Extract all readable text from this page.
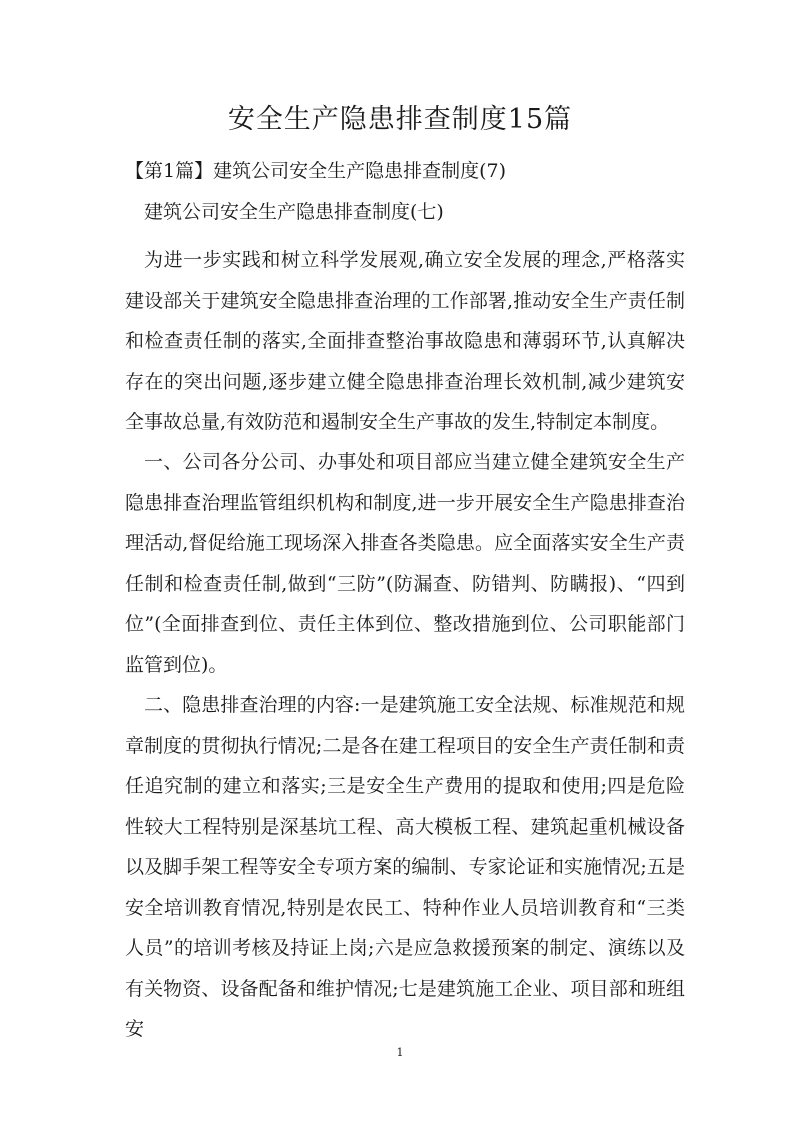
安全生产隐患排查制度15篇

【第1篇】建筑公司安全生产隐患排查制度(7)

建筑公司安全生产隐患排查制度(七)

为进一步实践和树立科学发展观,确立安全发展的理念,严格落实建设部关于建筑安全隐患排查治理的工作部署,推动安全生产责任制和检查责任制的落实,全面排查整治事故隐患和薄弱环节,认真解决存在的突出问题,逐步建立健全隐患排查治理长效机制,减少建筑安全事故总量,有效防范和遏制安全生产事故的发生,特制定本制度。

一、公司各分公司、办事处和项目部应当建立健全建筑安全生产隐患排查治理监管组织机构和制度,进一步开展安全生产隐患排查治理活动,督促给施工现场深入排查各类隐患。应全面落实安全生产责任制和检查责任制,做到“三防”(防漏查、防错判、防瞒报)、“四到位”(全面排查到位、责任主体到位、整改措施到位、公司职能部门监管到位)。

二、隐患排查治理的内容:一是建筑施工安全法规、标准规范和规章制度的贯彻执行情况;二是各在建工程项目的安全生产责任制和责任追究制的建立和落实;三是安全生产费用的提取和使用;四是危险性较大工程特别是深基坑工程、高大模板工程、建筑起重机械设备以及脚手架工程等安全专项方案的编制、专家论证和实施情况;五是安全培训教育情况,特别是农民工、特种作业人员培训教育和“三类人员”的培训考核及持证上岗;六是应急救援预案的制定、演练以及有关物资、设备配备和维护情况;七是建筑施工企业、项目部和班组安

1
